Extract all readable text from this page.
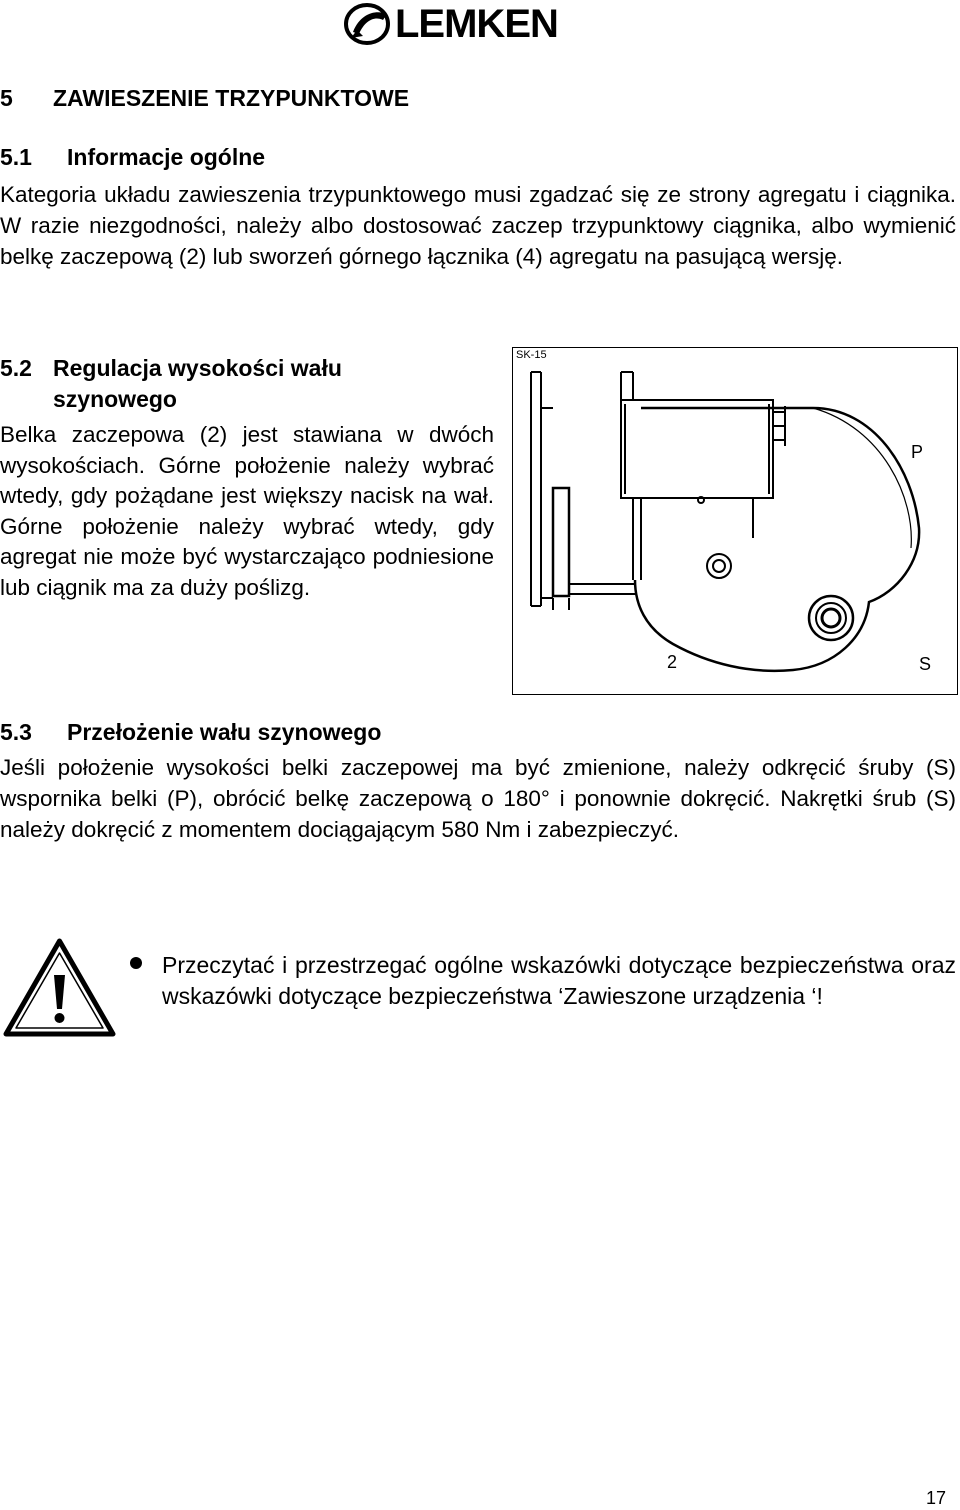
LEMKEN
5 ZAWIESZENIE TRZYPUNKTOWE
5.1 Informacje ogólne

Kategoria układu zawieszenia trzypunktowego musi zgadzać się ze strony agregatu i ciągnika. W razie niezgodności, należy albo dostosować zaczep trzypunktowy ciągnika, albo wymienić belkę zaczepową (2) lub sworzeń górnego łącznika (4) agregatu na pasującą wersję.

5.2 Regulacja wysokości wału
szynowego

Belka zaczepowa (2) jest stawiana w dwóch wysokościach. Górne położenie należy wybrać wtedy, gdy pożądane jest większy nacisk na wał. Górne położenie należy wybrać wtedy, gdy agregat nie może być wystarczająco podniesione lub ciągnik ma za duży poślizg.

SK-15
P
2	S
5.3 Przełożenie wału szynowego

Jeśli położenie wysokości belki zaczepowej ma być zmienione, należy odkręcić śruby (S) wspornika belki (P), obrócić belkę zaczepową o 180° i ponownie dokręcić. Nakrętki śrub (S) należy dokręcić z momentem dociągającym 580 Nm i zabezpieczyć.

Przeczytać i przestrzegać ogólne wskazówki dotyczące bezpieczeństwa oraz wskazówki dotyczące bezpieczeństwa ‘Zawieszone urządzenia ‘!

17
